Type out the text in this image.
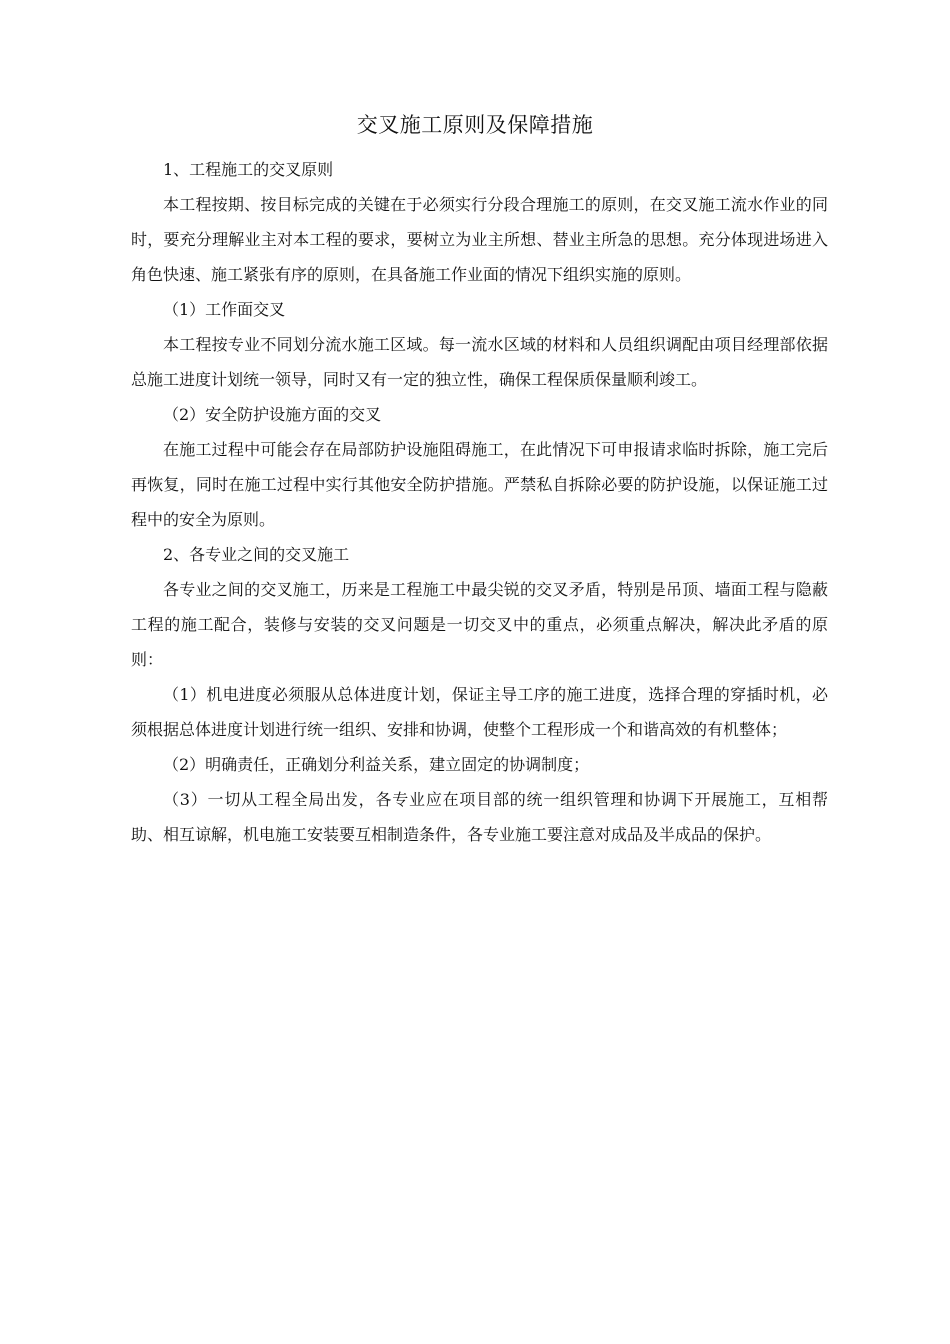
交叉施工原则及保障措施

1、工程施工的交叉原则

本工程按期、按目标完成的关键在于必须实行分段合理施工的原则，在交叉施工流水作业的同时，要充分理解业主对本工程的要求，要树立为业主所想、替业主所急的思想。充分体现进场进入角色快速、施工紧张有序的原则，在具备施工作业面的情况下组织实施的原则。

（1）工作面交叉

本工程按专业不同划分流水施工区域。每一流水区域的材料和人员组织调配由项目经理部依据总施工进度计划统一领导，同时又有一定的独立性，确保工程保质保量顺利竣工。

（2）安全防护设施方面的交叉

在施工过程中可能会存在局部防护设施阻碍施工，在此情况下可申报请求临时拆除，施工完后再恢复，同时在施工过程中实行其他安全防护措施。严禁私自拆除必要的防护设施，以保证施工过程中的安全为原则。

2、各专业之间的交叉施工

各专业之间的交叉施工，历来是工程施工中最尖锐的交叉矛盾，特别是吊顶、墙面工程与隐蔽工程的施工配合，装修与安装的交叉问题是一切交叉中的重点，必须重点解决，解决此矛盾的原则：

（1）机电进度必须服从总体进度计划，保证主导工序的施工进度，选择合理的穿插时机，必须根据总体进度计划进行统一组织、安排和协调，使整个工程形成一个和谐高效的有机整体；

（2）明确责任，正确划分利益关系，建立固定的协调制度；

（3）一切从工程全局出发，各专业应在项目部的统一组织管理和协调下开展施工，互相帮助、相互谅解，机电施工安装要互相制造条件，各专业施工要注意对成品及半成品的保护。
